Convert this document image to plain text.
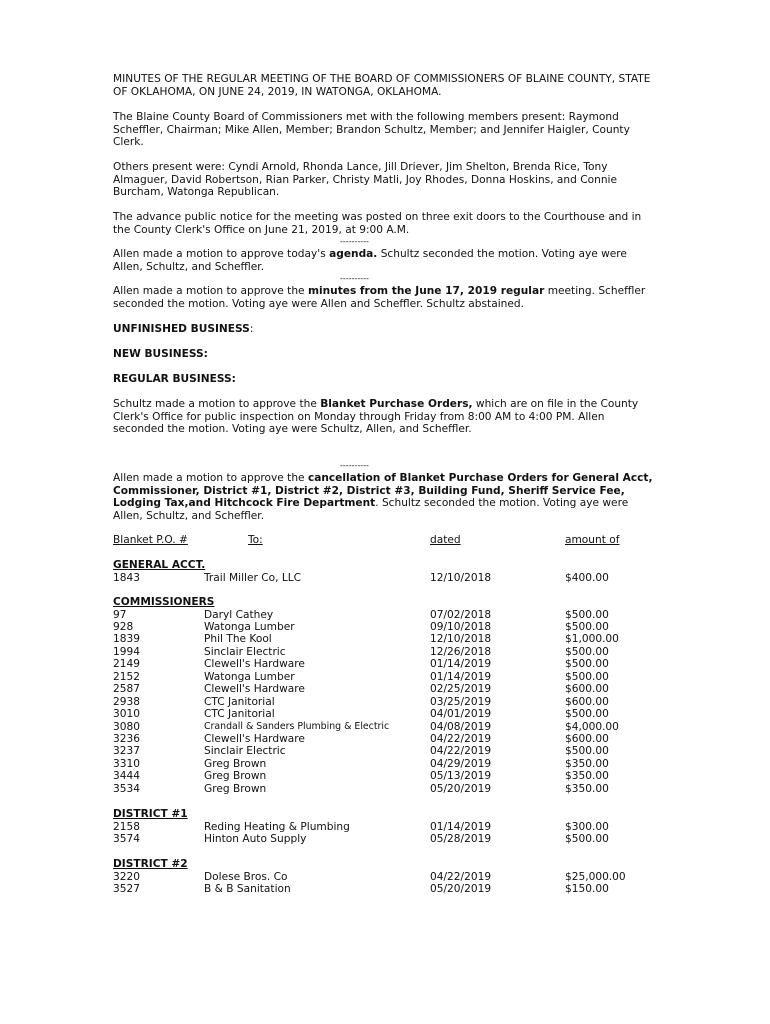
MINUTES OF THE REGULAR MEETING OF THE BOARD OF COMMISSIONERS OF BLAINE COUNTY, STATE OF OKLAHOMA, ON JUNE 24, 2019, IN WATONGA, OKLAHOMA.

The Blaine County Board of Commissioners met with the following members present: Raymond Scheffler, Chairman; Mike Allen, Member; Brandon Schultz, Member; and Jennifer Haigler, County Clerk.

Others present were: Cyndi Arnold, Rhonda Lance, Jill Driever, Jim Shelton, Brenda Rice, Tony Almaguer, David Robertson, Rian Parker, Christy Matli, Joy Rhodes, Donna Hoskins, and Connie Burcham, Watonga Republican.

The advance public notice for the meeting was posted on three exit doors to the Courthouse and in the County Clerk's Office on June 21, 2019, at 9:00 A.M.

----------

Allen made a motion to approve today's agenda. Schultz seconded the motion. Voting aye were Allen, Schultz, and Scheffler.

----------

Allen made a motion to approve the minutes from the June 17, 2019 regular meeting. Scheffler seconded the motion. Voting aye were Allen and Scheffler. Schultz abstained.

UNFINISHED BUSINESS:

NEW BUSINESS:

REGULAR BUSINESS:

Schultz made a motion to approve the Blanket Purchase Orders, which are on file in the County Clerk's Office for public inspection on Monday through Friday from 8:00 AM to 4:00 PM. Allen seconded the motion. Voting aye were Schultz, Allen, and Scheffler.

----------

Allen made a motion to approve the cancellation of Blanket Purchase Orders for General Acct, Commissioner, District #1, District #2, District #3, Building Fund, Sheriff Service Fee, Lodging Tax,and Hitchcock Fire Department. Schultz seconded the motion. Voting aye were Allen, Schultz, and Scheffler.

Blanket P.O. #	To:	dated	amount of
GENERAL ACCT.
1843	Trail Miller Co, LLC	12/10/2018	$400.00
COMMISSIONERS
97	Daryl Cathey	07/02/2018	$500.00
928	Watonga Lumber	09/10/2018	$500.00
1839	Phil The Kool	12/10/2018	$1,000.00
1994	Sinclair Electric	12/26/2018	$500.00
2149	Clewell's Hardware	01/14/2019	$500.00
2152	Watonga Lumber	01/14/2019	$500.00
2587	Clewell's Hardware	02/25/2019	$600.00
2938	CTC Janitorial	03/25/2019	$600.00
3010	CTC Janitorial	04/01/2019	$500.00
3080	Crandall & Sanders Plumbing & Electric	04/08/2019	$4,000.00
3236	Clewell's Hardware	04/22/2019	$600.00
3237	Sinclair Electric	04/22/2019	$500.00
3310	Greg Brown	04/29/2019	$350.00
3444	Greg Brown	05/13/2019	$350.00
3534	Greg Brown	05/20/2019	$350.00
DISTRICT #1
2158	Reding Heating & Plumbing	01/14/2019	$300.00
3574	Hinton Auto Supply	05/28/2019	$500.00
DISTRICT #2
3220	Dolese Bros. Co	04/22/2019	$25,000.00
3527	B & B Sanitation	05/20/2019	$150.00
